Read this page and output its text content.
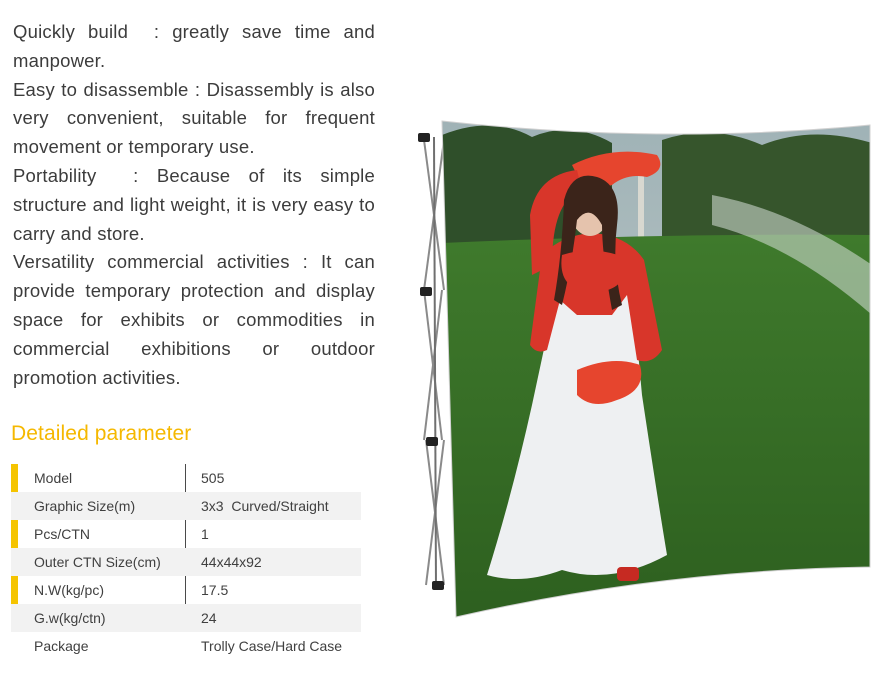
Quickly build  : greatly save time and manpower.

Easy to disassemble : Disassembly is also very convenient, suitable for frequent movement or temporary use.

Portability  : Because of its simple structure and light weight, it is very easy to carry and store.

Versatility commercial activities : It can provide temporary protection and display space for exhibits or commodities in commercial exhibitions or outdoor promotion activities.

Detailed parameter
Model	505
Graphic Size(m)	3x3  Curved/Straight
Pcs/CTN	1
Outer CTN Size(cm)	44x44x92
N.W(kg/pc)	17.5
G.w(kg/ctn)	24
Package	Trolly Case/Hard Case
